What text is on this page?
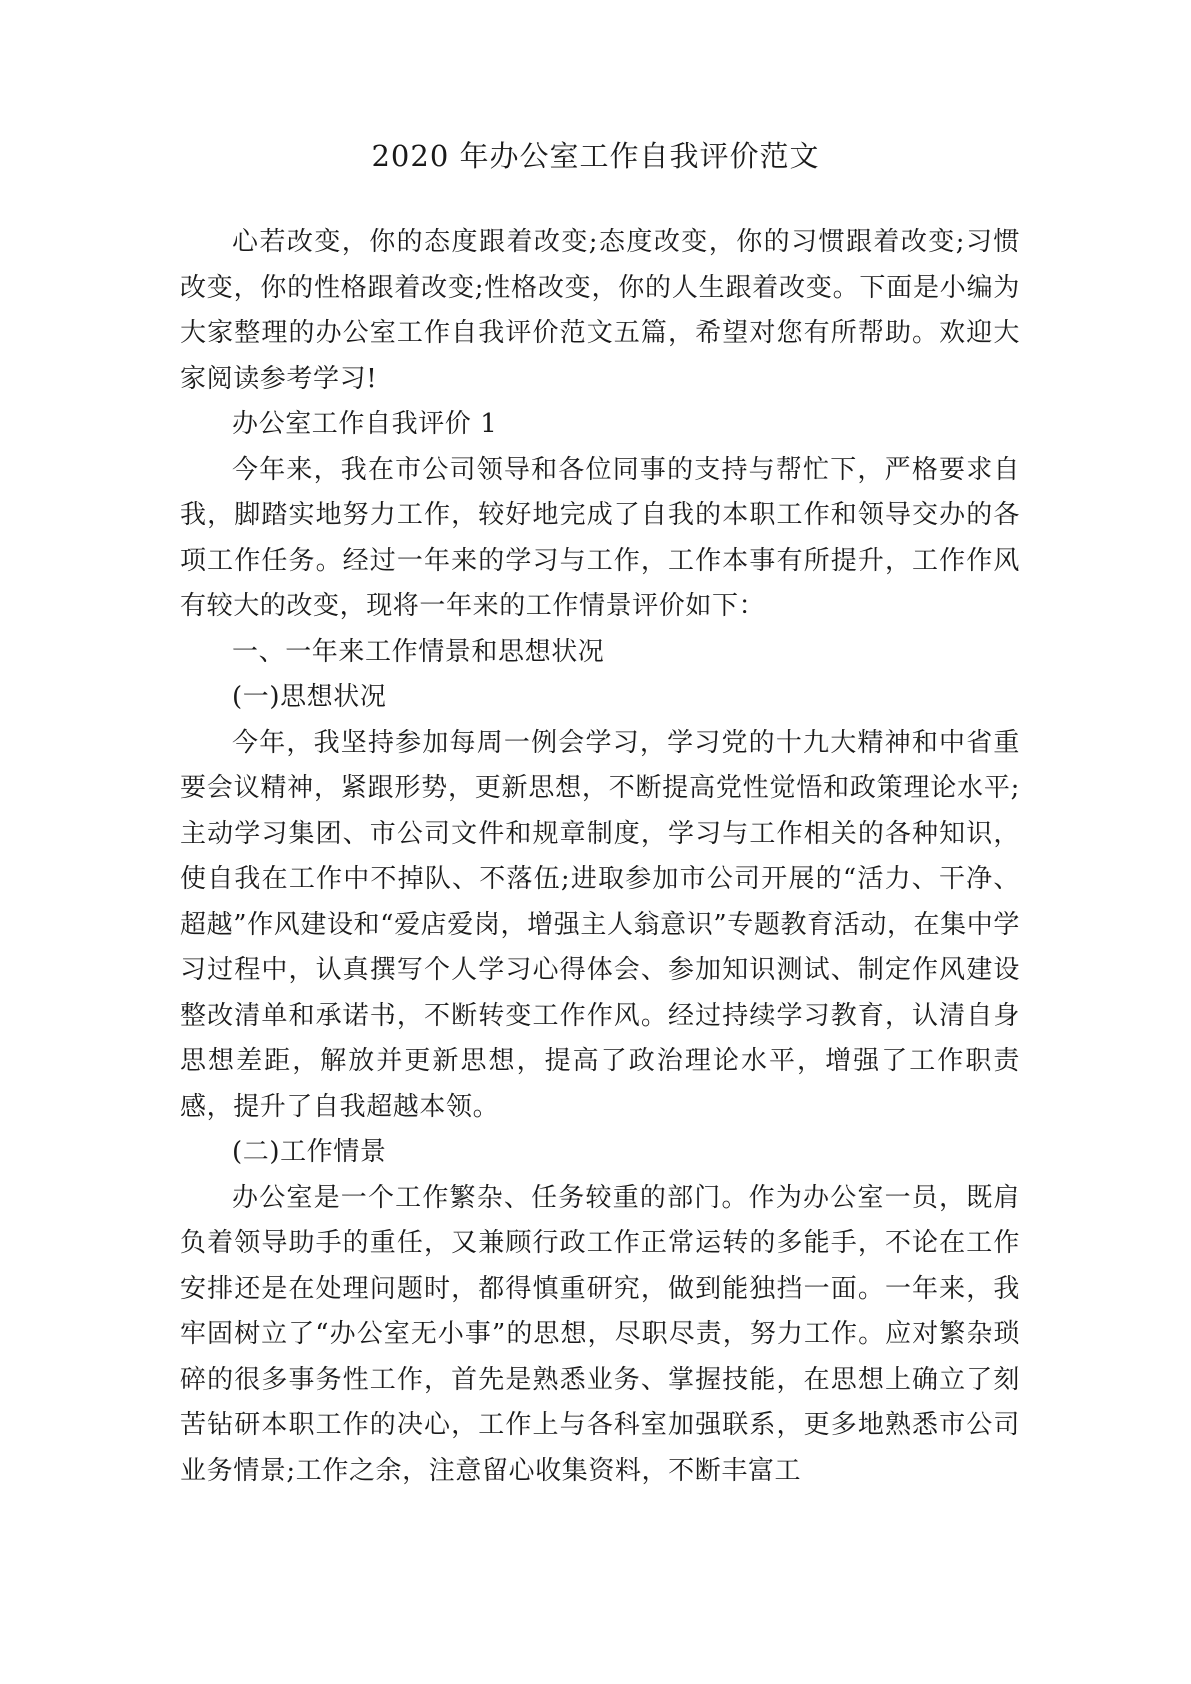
2020 年办公室工作自我评价范文

心若改变，你的态度跟着改变;态度改变，你的习惯跟着改变;习惯改变，你的性格跟着改变;性格改变，你的人生跟着改变。下面是小编为大家整理的办公室工作自我评价范文五篇，希望对您有所帮助。欢迎大家阅读参考学习!

办公室工作自我评价 1

今年来，我在市公司领导和各位同事的支持与帮忙下，严格要求自我，脚踏实地努力工作，较好地完成了自我的本职工作和领导交办的各项工作任务。经过一年来的学习与工作，工作本事有所提升，工作作风有较大的改变，现将一年来的工作情景评价如下：

一、一年来工作情景和思想状况

(一)思想状况

今年，我坚持参加每周一例会学习，学习党的十九大精神和中省重要会议精神，紧跟形势，更新思想，不断提高党性觉悟和政策理论水平;主动学习集团、市公司文件和规章制度，学习与工作相关的各种知识，使自我在工作中不掉队、不落伍;进取参加市公司开展的“活力、干净、超越”作风建设和“爱店爱岗，增强主人翁意识”专题教育活动，在集中学习过程中，认真撰写个人学习心得体会、参加知识测试、制定作风建设整改清单和承诺书，不断转变工作作风。经过持续学习教育，认清自身思想差距，解放并更新思想，提高了政治理论水平，增强了工作职责感，提升了自我超越本领。

(二)工作情景

办公室是一个工作繁杂、任务较重的部门。作为办公室一员，既肩负着领导助手的重任，又兼顾行政工作正常运转的多能手，不论在工作安排还是在处理问题时，都得慎重研究，做到能独挡一面。一年来，我牢固树立了“办公室无小事”的思想，尽职尽责，努力工作。应对繁杂琐碎的很多事务性工作，首先是熟悉业务、掌握技能，在思想上确立了刻苦钻研本职工作的决心，工作上与各科室加强联系，更多地熟悉市公司业务情景;工作之余，注意留心收集资料，不断丰富工
